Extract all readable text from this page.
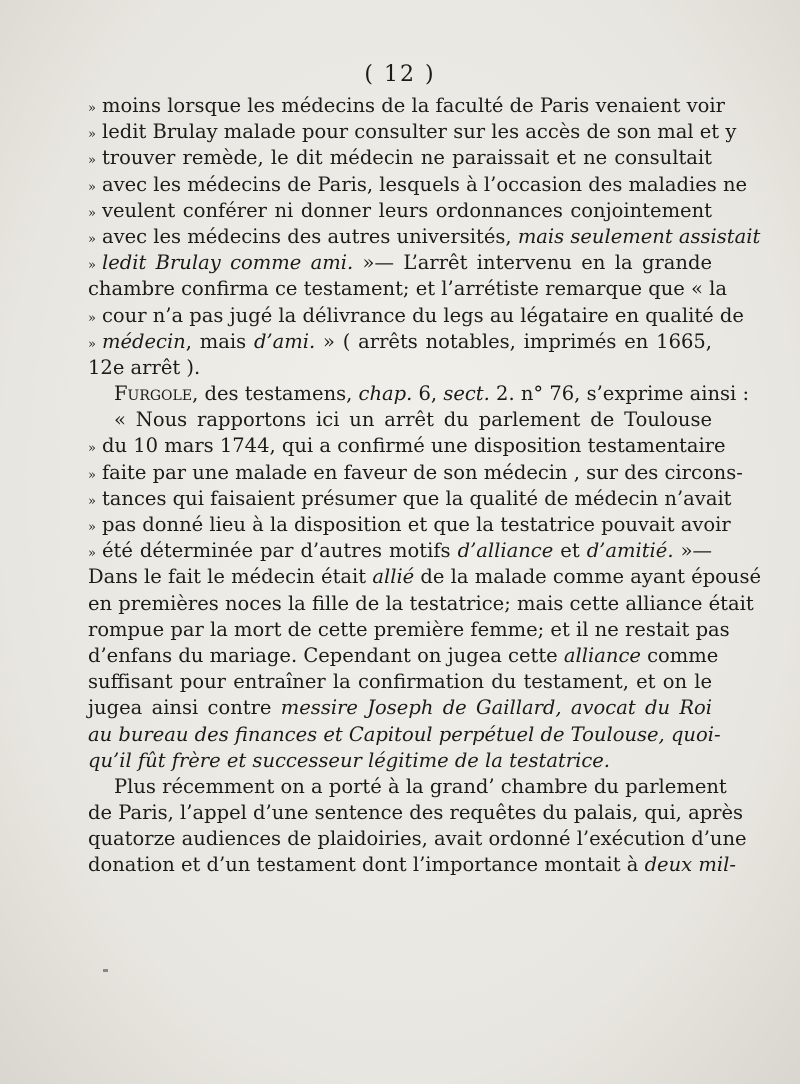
( 12 )
» moins lorsque les médecins de la faculté de Paris venaient voir
» ledit Brulay malade pour consulter sur les accès de son mal et y
» trouver remède, le dit médecin ne paraissait et ne consultait
» avec les médecins de Paris, lesquels à l’occasion des maladies ne
» veulent conférer ni donner leurs ordonnances conjointement
» avec les médecins des autres universités, mais seulement assistait
» ledit Brulay comme ami. »— L’arrêt intervenu en la grande
chambre confirma ce testament; et l’arrétiste remarque que « la
» cour n’a pas jugé la délivrance du legs au légataire en qualité de
» médecin, mais d’ami. » ( arrêts notables, imprimés en 1665,
12e arrêt ).
Furgole, des testamens, chap. 6, sect. 2. n° 76, s’exprime ainsi :
« Nous rapportons ici un arrêt du parlement de Toulouse
» du 10 mars 1744, qui a confirmé une disposition testamentaire
» faite par une malade en faveur de son médecin , sur des circons-
» tances qui faisaient présumer que la qualité de médecin n’avait
» pas donné lieu à la disposition et que la testatrice pouvait avoir
» été déterminée par d’autres motifs d’alliance et d’amitié. »—
Dans le fait le médecin était allié de la malade comme ayant épousé
en premières noces la fille de la testatrice; mais cette alliance était
rompue par la mort de cette première femme; et il ne restait pas
d’enfans du mariage. Cependant on jugea cette alliance comme
suffisant pour entraîner la confirmation du testament, et on le
jugea ainsi contre messire Joseph de Gaillard, avocat du Roi
au bureau des finances et Capitoul perpétuel de Toulouse, quoi-
qu’il fût frère et successeur légitime de la testatrice.
Plus récemment on a porté à la grand’ chambre du parlement
de Paris, l’appel d’une sentence des requêtes du palais, qui, après
quatorze audiences de plaidoiries, avait ordonné l’exécution d’une
donation et d’un testament dont l’importance montait à deux mil-
